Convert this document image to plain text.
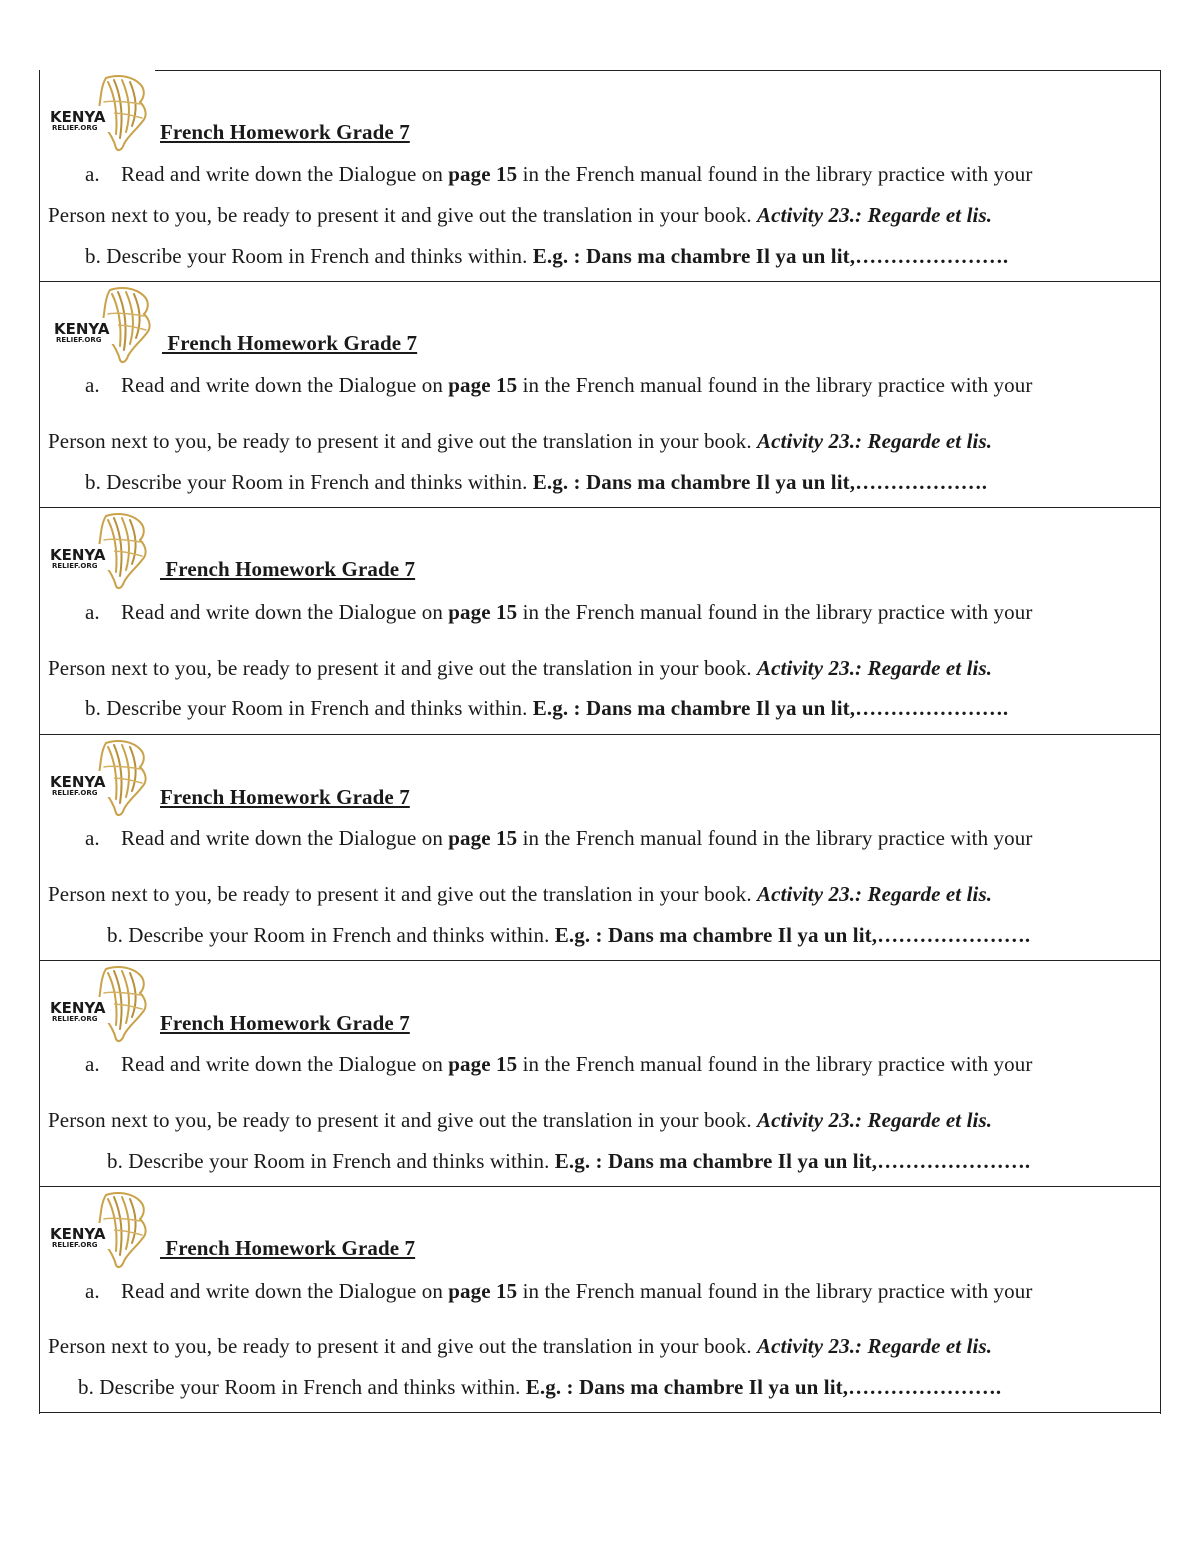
KENYA
RELIEF.ORG	French Homework Grade 7
a. Read and write down the Dialogue on page 15 in the French manual found in the library practice with your
Person next to you, be ready to present it and give out the translation in your book. Activity 23.: Regarde et lis.
b. Describe your Room in French and thinks within. E.g. : Dans ma chambre Il ya un lit,………………….
KENYA
RELIEF.ORG	French Homework Grade 7
a. Read and write down the Dialogue on page 15 in the French manual found in the library practice with your
Person next to you, be ready to present it and give out the translation in your book. Activity 23.: Regarde et lis.
b. Describe your Room in French and thinks within. E.g. : Dans ma chambre Il ya un lit,……………….
KENYA
RELIEF.ORG	French Homework Grade 7
a. Read and write down the Dialogue on page 15 in the French manual found in the library practice with your
Person next to you, be ready to present it and give out the translation in your book. Activity 23.: Regarde et lis.
b. Describe your Room in French and thinks within. E.g. : Dans ma chambre Il ya un lit,………………….
KENYA
RELIEF.ORG	French Homework Grade 7
a. Read and write down the Dialogue on page 15 in the French manual found in the library practice with your
Person next to you, be ready to present it and give out the translation in your book. Activity 23.: Regarde et lis.
b. Describe your Room in French and thinks within. E.g. : Dans ma chambre Il ya un lit,………………….
KENYA
RELIEF.ORG	French Homework Grade 7
a. Read and write down the Dialogue on page 15 in the French manual found in the library practice with your
Person next to you, be ready to present it and give out the translation in your book. Activity 23.: Regarde et lis.
b. Describe your Room in French and thinks within. E.g. : Dans ma chambre Il ya un lit,………………….
KENYA
RELIEF.ORG	French Homework Grade 7
a. Read and write down the Dialogue on page 15 in the French manual found in the library practice with your
Person next to you, be ready to present it and give out the translation in your book. Activity 23.: Regarde et lis.
b. Describe your Room in French and thinks within. E.g. : Dans ma chambre Il ya un lit,………………….
